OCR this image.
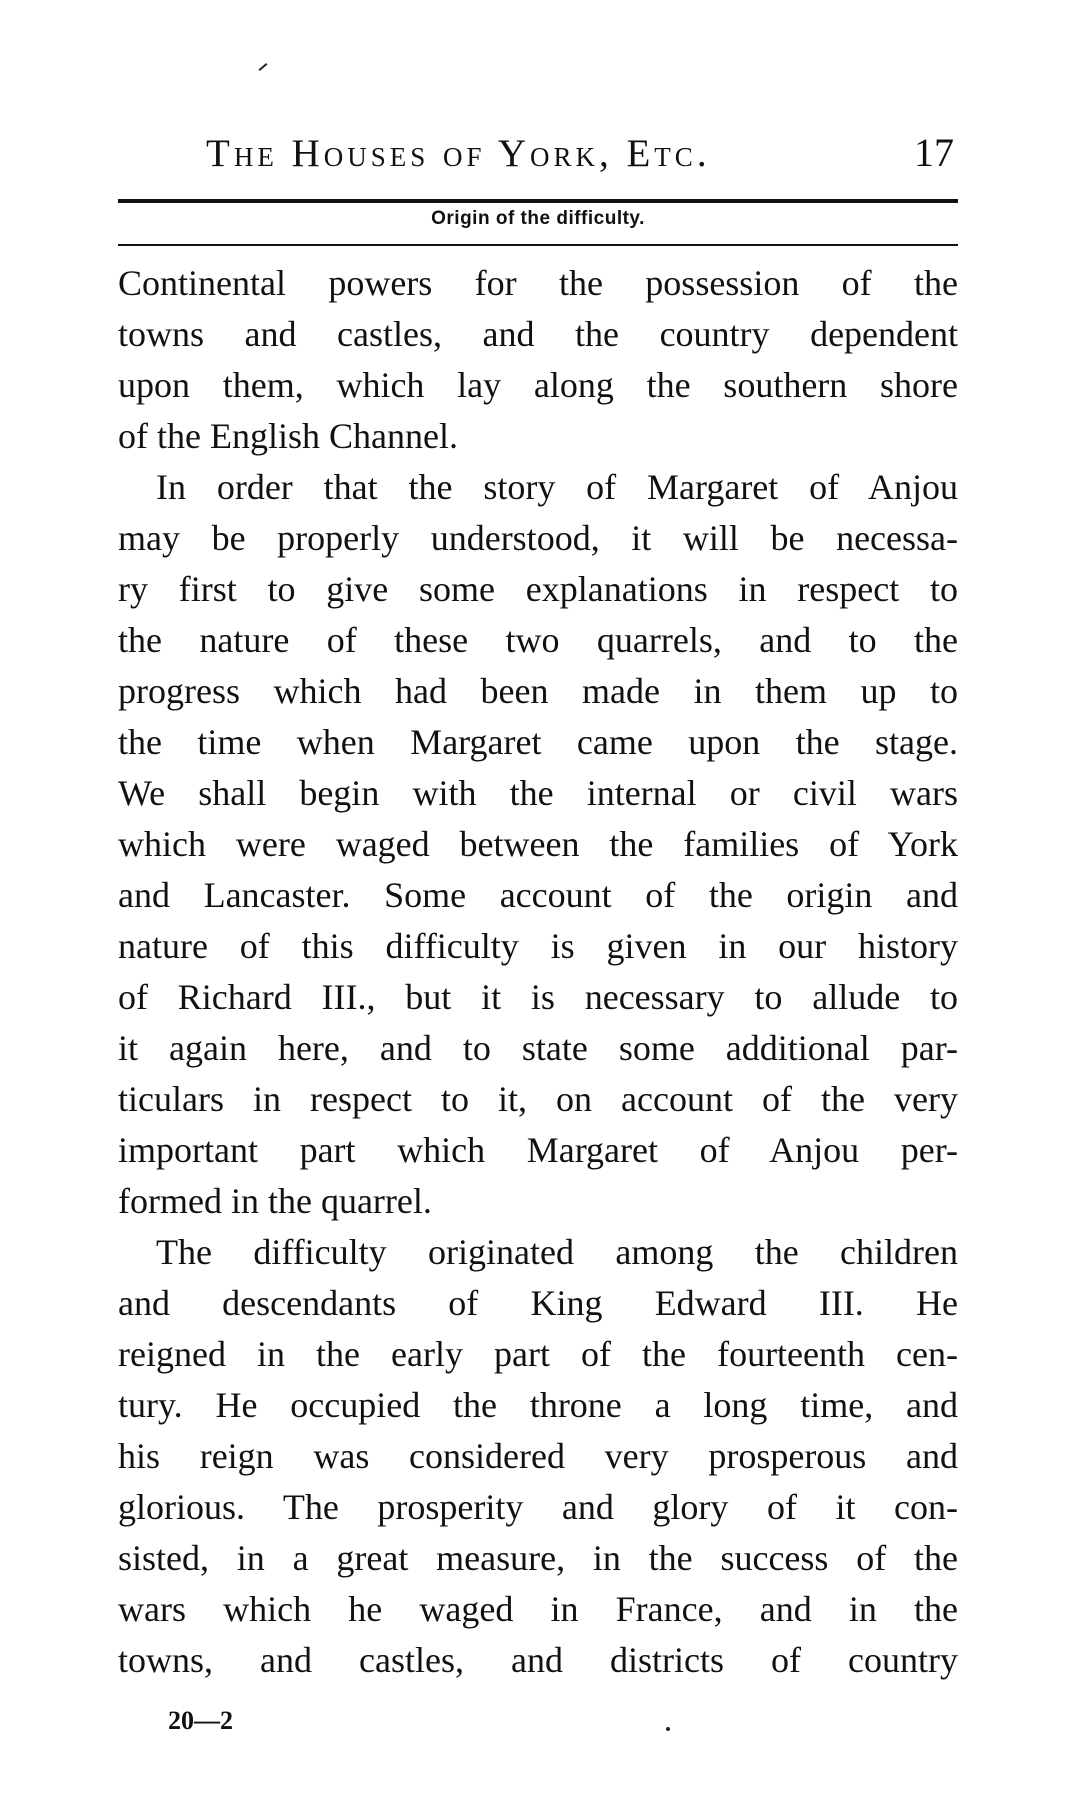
The Houses of York, Etc.	17
Origin of the difficulty.
Continental powers for the possession of the
towns and castles, and the country dependent
upon them, which lay along the southern shore
of the English Channel.
In order that the story of Margaret of Anjou
may be properly understood, it will be necessa-
ry first to give some explanations in respect to
the nature of these two quarrels, and to the
progress which had been made in them up to
the time when Margaret came upon the stage.
We shall begin with the internal or civil wars
which were waged between the families of York
and Lancaster. Some account of the origin and
nature of this difficulty is given in our history
of Richard III., but it is necessary to allude to
it again here, and to state some additional par-
ticulars in respect to it, on account of the very
important part which Margaret of Anjou per-
formed in the quarrel.
The difficulty originated among the children
and descendants of King Edward III. He
reigned in the early part of the fourteenth cen-
tury. He occupied the throne a long time, and
his reign was considered very prosperous and
glorious. The prosperity and glory of it con-
sisted, in a great measure, in the success of the
wars which he waged in France, and in the
towns, and castles, and districts of country
20—2
